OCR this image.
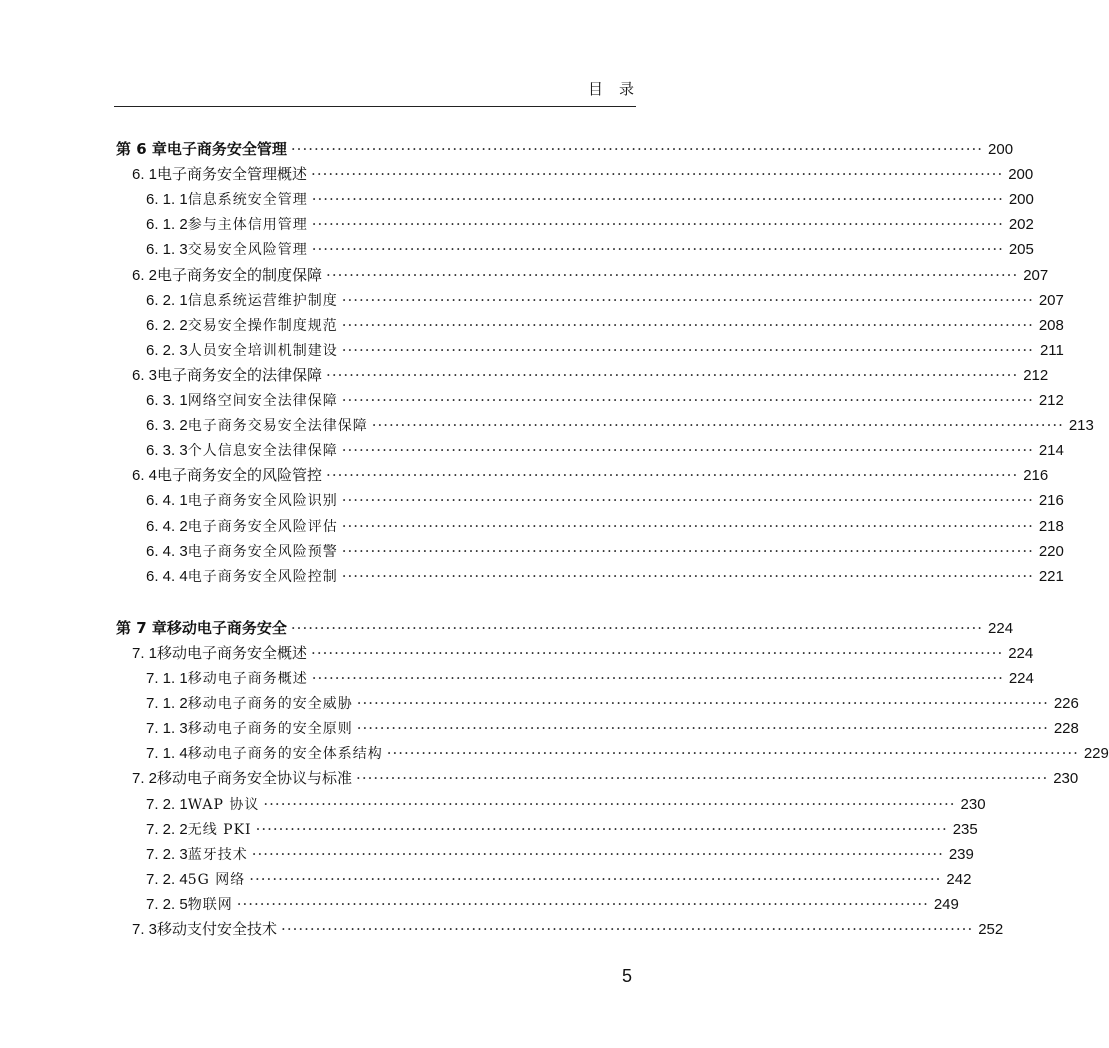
目录
第 6 章 电子商务安全管理 ························································································································ 200
6. 1 电子商务安全管理概述 ························································································································ 200
6. 1. 1 信息系统安全管理 ························································································································ 200
6. 1. 2 参与主体信用管理 ························································································································ 202
6. 1. 3 交易安全风险管理 ························································································································ 205
6. 2 电子商务安全的制度保障 ························································································································ 207
6. 2. 1 信息系统运营维护制度 ························································································································ 207
6. 2. 2 交易安全操作制度规范 ························································································································ 208
6. 2. 3 人员安全培训机制建设 ························································································································ 211
6. 3 电子商务安全的法律保障 ························································································································ 212
6. 3. 1 网络空间安全法律保障 ························································································································ 212
6. 3. 2 电子商务交易安全法律保障 ························································································································ 213
6. 3. 3 个人信息安全法律保障 ························································································································ 214
6. 4 电子商务安全的风险管控 ························································································································ 216
6. 4. 1 电子商务安全风险识别 ························································································································ 216
6. 4. 2 电子商务安全风险评估 ························································································································ 218
6. 4. 3 电子商务安全风险预警 ························································································································ 220
6. 4. 4 电子商务安全风险控制 ························································································································ 221
第 7 章 移动电子商务安全 ························································································································ 224
7. 1 移动电子商务安全概述 ························································································································ 224
7. 1. 1 移动电子商务概述 ························································································································ 224
7. 1. 2 移动电子商务的安全威胁 ························································································································ 226
7. 1. 3 移动电子商务的安全原则 ························································································································ 228
7. 1. 4 移动电子商务的安全体系结构 ························································································································ 229
7. 2 移动电子商务安全协议与标准 ························································································································ 230
7. 2. 1 WAP 协议 ························································································································ 230
7. 2. 2 无线 PKI ························································································································ 235
7. 2. 3 蓝牙技术 ························································································································ 239
7. 2. 4 5G 网络 ························································································································ 242
7. 2. 5 物联网 ························································································································ 249
7. 3 移动支付安全技术 ························································································································ 252
5
